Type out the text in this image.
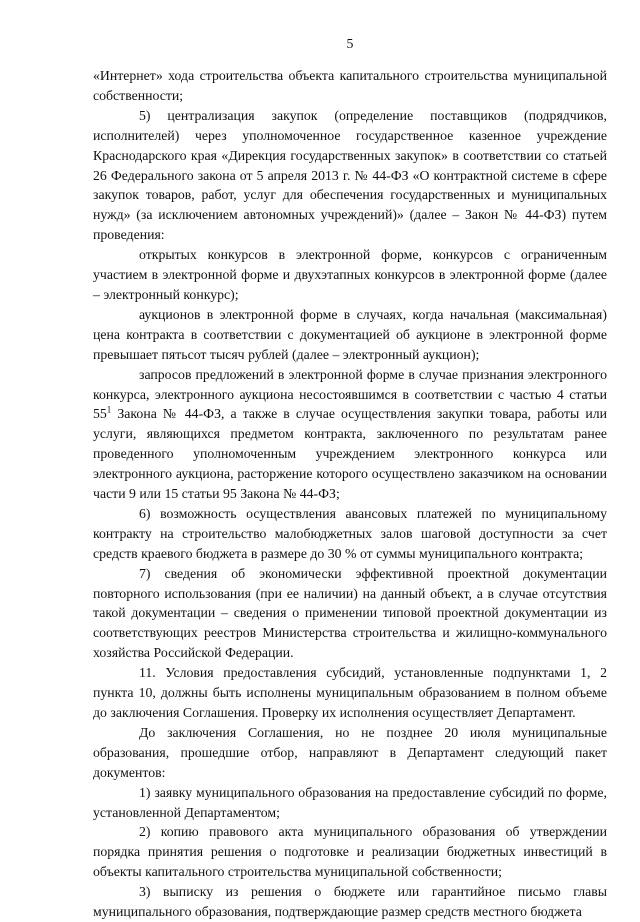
5

«Интернет» хода строительства объекта капитального строительства муниципальной собственности;

5) централизация закупок (определение поставщиков (подрядчиков, исполнителей) через уполномоченное государственное казенное учреждение Краснодарского края «Дирекция государственных закупок» в соответствии со статьей 26 Федерального закона от 5 апреля 2013 г. № 44-ФЗ «О контрактной системе в сфере закупок товаров, работ, услуг для обеспечения государственных и муниципальных нужд» (за исключением автономных учреждений)» (далее – Закон № 44-ФЗ) путем проведения:

открытых конкурсов в электронной форме, конкурсов с ограниченным участием в электронной форме и двухэтапных конкурсов в электронной форме (далее – электронный конкурс);

аукционов в электронной форме в случаях, когда начальная (максимальная) цена контракта в соответствии с документацией об аукционе в электронной форме превышает пятьсот тысяч рублей (далее – электронный аукцион);

запросов предложений в электронной форме в случае признания электронного конкурса, электронного аукциона несостоявшимся в соответствии с частью 4 статьи $55^1$ Закона № 44-ФЗ, а также в случае осуществления закупки товара, работы или услуги, являющихся предметом контракта, заключенного по результатам ранее проведенного уполномоченным учреждением электронного конкурса или электронного аукциона, расторжение которого осуществлено заказчиком на основании части 9 или 15 статьи 95 Закона № 44-ФЗ;

6) возможность осуществления авансовых платежей по муниципальному контракту на строительство малобюджетных залов шаговой доступности за счет средств краевого бюджета в размере до 30 % от суммы муниципального контракта;

7) сведения об экономически эффективной проектной документации повторного использования (при ее наличии) на данный объект, а в случае отсутствия такой документации – сведения о применении типовой проектной документации из соответствующих реестров Министерства строительства и жилищно-коммунального хозяйства Российской Федерации.

11. Условия предоставления субсидий, установленные подпунктами 1, 2 пункта 10, должны быть исполнены муниципальным образованием в полном объеме до заключения Соглашения. Проверку их исполнения осуществляет Департамент.

До заключения Соглашения, но не позднее 20 июля муниципальные образования, прошедшие отбор, направляют в Департамент следующий пакет документов:

1) заявку муниципального образования на предоставление субсидий по форме, установленной Департаментом;

2) копию правового акта муниципального образования об утверждении порядка принятия решения о подготовке и реализации бюджетных инвестиций в объекты капитального строительства муниципальной собственности;

3) выписку из решения о бюджете или гарантийное письмо главы муниципального образования, подтверждающие размер средств местного бюджета
